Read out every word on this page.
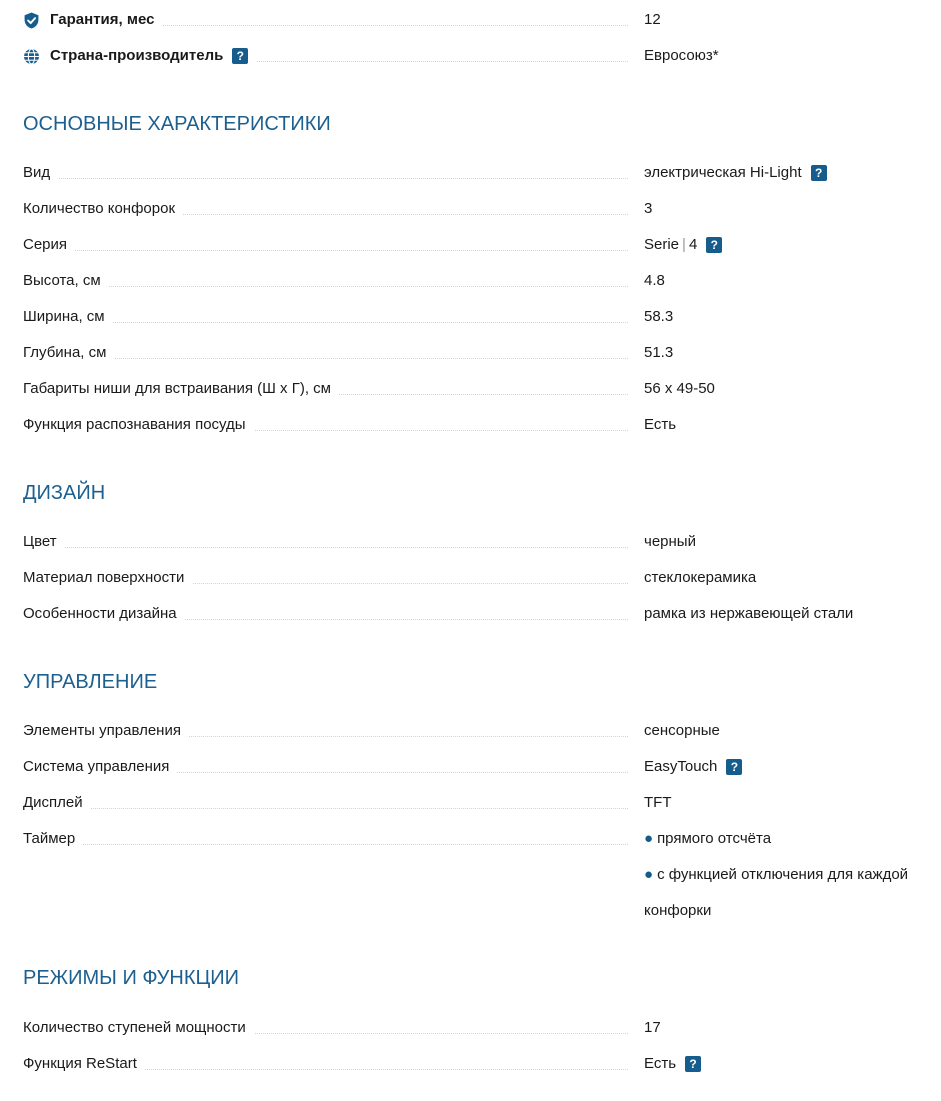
Гарантия, мес	12
Страна-производитель	?	Евросоюз*
ОСНОВНЫЕ ХАРАКТЕРИСТИКИ
Вид	электрическая Hi-Light	?
Количество конфорок	3
Серия	Serie | 4	?
Высота, см	4.8
Ширина, см	58.3
Глубина, см	51.3
Габариты ниши для встраивания (Ш х Г), см	56 х 49-50
Функция распознавания посуды	Есть
ДИЗАЙН
Цвет	черный
Материал поверхности	стеклокерамика
Особенности дизайна	рамка из нержавеющей стали
УПРАВЛЕНИЕ
Элементы управления	сенсорные
Система управления	EasyTouch	?
Дисплей	TFT
Таймер	● прямого отсчёта
● с функцией отключения для каждой
конфорки
РЕЖИМЫ И ФУНКЦИИ
Количество ступеней мощности	17
Функция ReStart	Есть	?
